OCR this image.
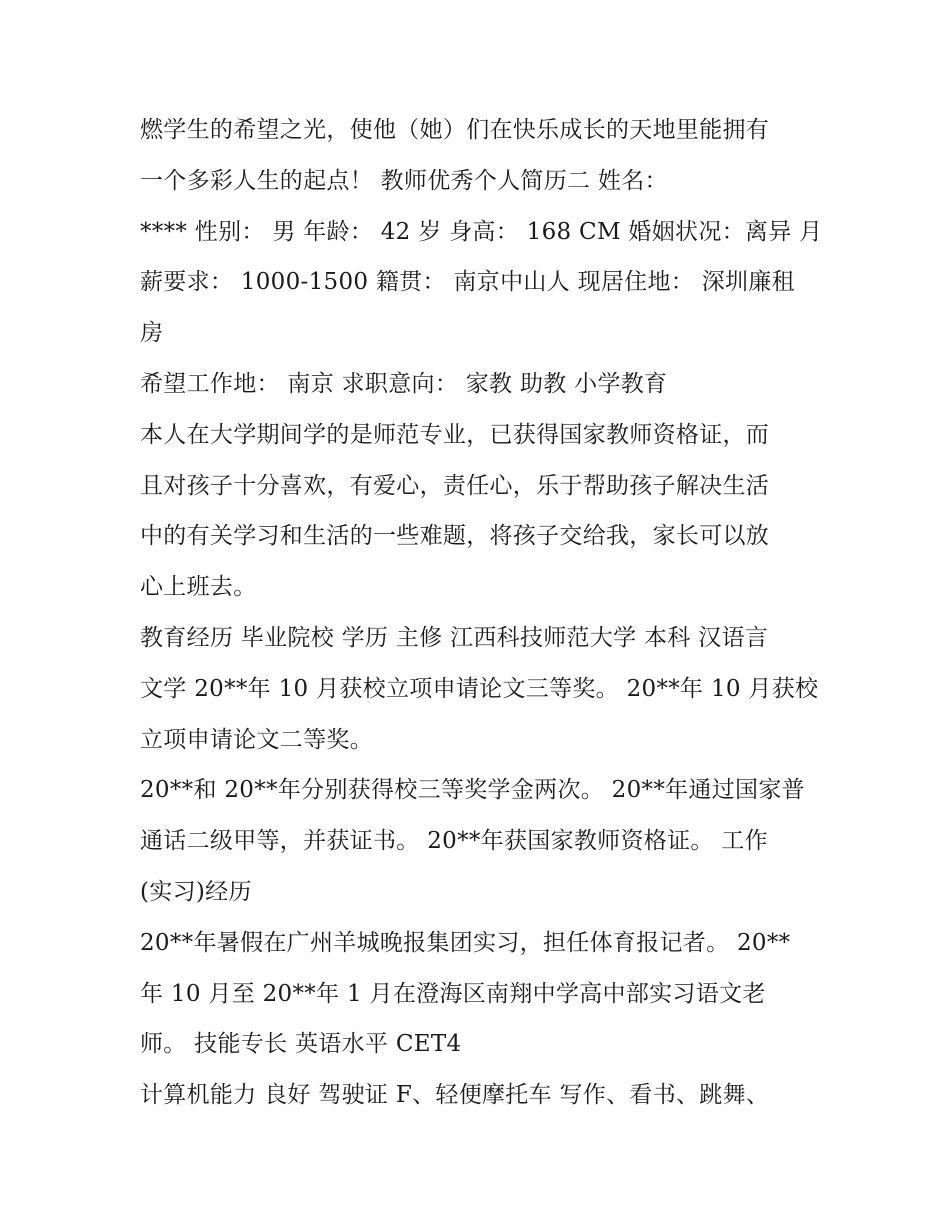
燃学生的希望之光，使他（她）们在快乐成长的天地里能拥有
一个多彩人生的起点！ 教师优秀个人简历二 姓名：
**** 性别： 男 年龄： 42 岁 身高： 168 CM 婚姻状况：离异 月
薪要求： 1000-1500 籍贯： 南京中山人 现居住地： 深圳廉租
房
希望工作地： 南京 求职意向： 家教 助教 小学教育
本人在大学期间学的是师范专业，已获得国家教师资格证，而
且对孩子十分喜欢，有爱心，责任心，乐于帮助孩子解决生活
中的有关学习和生活的一些难题，将孩子交给我，家长可以放
心上班去。
教育经历 毕业院校 学历 主修 江西科技师范大学 本科 汉语言
文学 20**年 10 月获校立项申请论文三等奖。 20**年 10 月获校
立项申请论文二等奖。
20**和 20**年分别获得校三等奖学金两次。 20**年通过国家普
通话二级甲等，并获证书。 20**年获国家教师资格证。 工作
(实习)经历
20**年暑假在广州羊城晚报集团实习，担任体育报记者。 20**
年 10 月至 20**年 1 月在澄海区南翔中学高中部实习语文老
师。 技能专长 英语水平 CET4
计算机能力 良好 驾驶证 F、轻便摩托车 写作、看书、跳舞、
